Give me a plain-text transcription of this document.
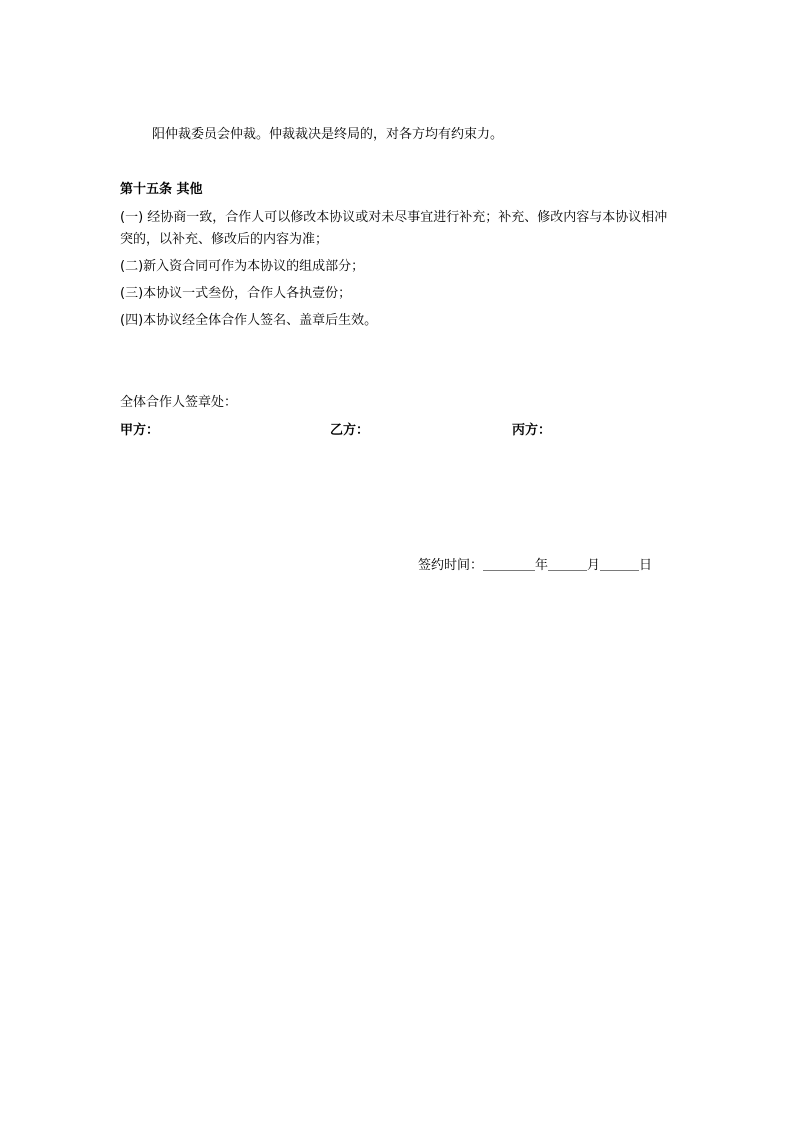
阳仲裁委员会仲裁。仲裁裁决是终局的，对各方均有约束力。
第十五条 其他
(一) 经协商一致，合作人可以修改本协议或对未尽事宜进行补充；补充、修改内容与本协议相冲突的，以补充、修改后的内容为准；
(二)新入资合同可作为本协议的组成部分；
(三)本协议一式叁份，合作人各执壹份；
(四)本协议经全体合作人签名、盖章后生效。
全体合作人签章处：
甲方：	乙方：	丙方：
签约时间：＿＿＿＿年＿＿＿月＿＿＿日
